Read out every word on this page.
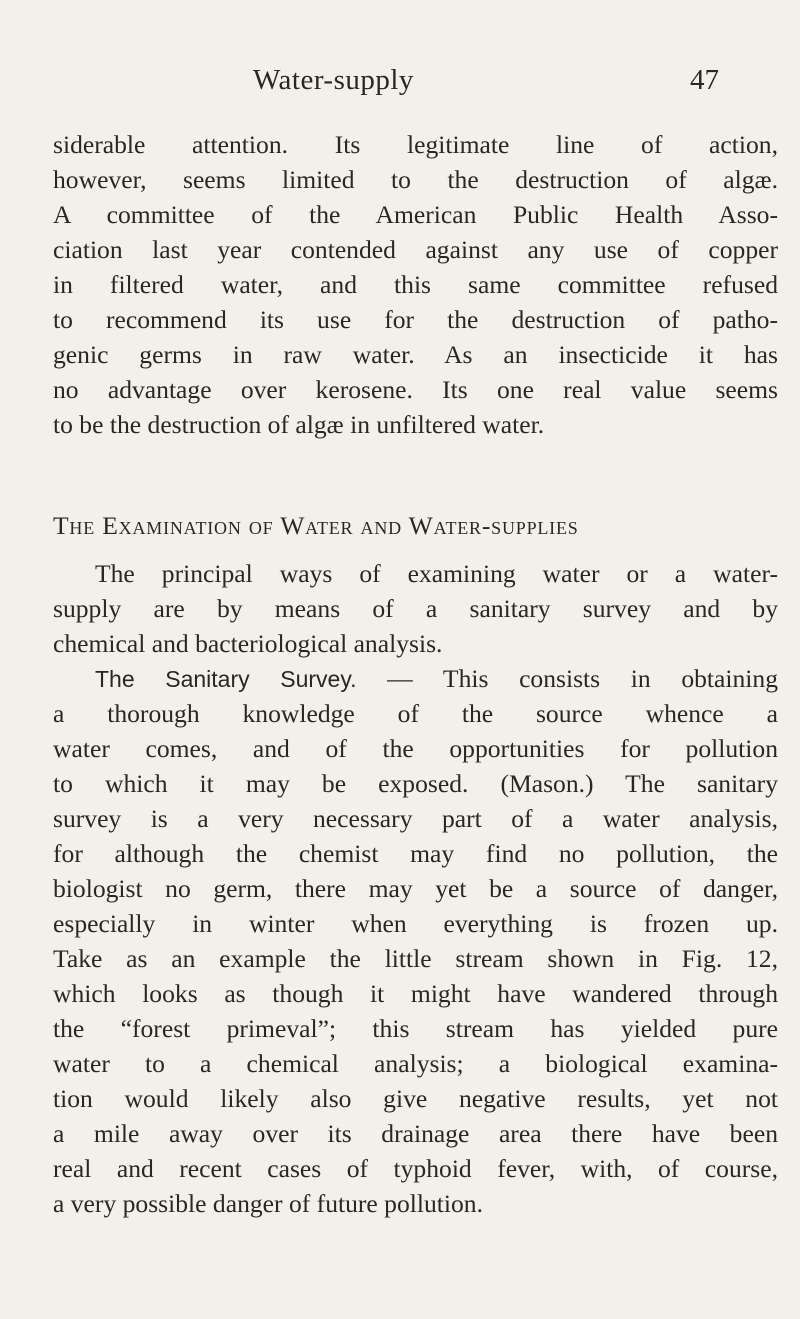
Water-supply	47
siderable attention. Its legitimate line of action,
however, seems limited to the destruction of algæ.
A committee of the American Public Health Asso-
ciation last year contended against any use of copper
in filtered water, and this same committee refused
to recommend its use for the destruction of patho-
genic germs in raw water. As an insecticide it has
no advantage over kerosene. Its one real value seems
to be the destruction of algæ in unfiltered water.
The Examination of Water and Water-supplies
The principal ways of examining water or a water-
supply are by means of a sanitary survey and by
chemical and bacteriological analysis.
The Sanitary Survey. — This consists in obtaining
a thorough knowledge of the source whence a
water comes, and of the opportunities for pollution
to which it may be exposed. (Mason.) The sanitary
survey is a very necessary part of a water analysis,
for although the chemist may find no pollution, the
biologist no germ, there may yet be a source of danger,
especially in winter when everything is frozen up.
Take as an example the little stream shown in Fig. 12,
which looks as though it might have wandered through
the “forest primeval”; this stream has yielded pure
water to a chemical analysis; a biological examina-
tion would likely also give negative results, yet not
a mile away over its drainage area there have been
real and recent cases of typhoid fever, with, of course,
a very possible danger of future pollution.
